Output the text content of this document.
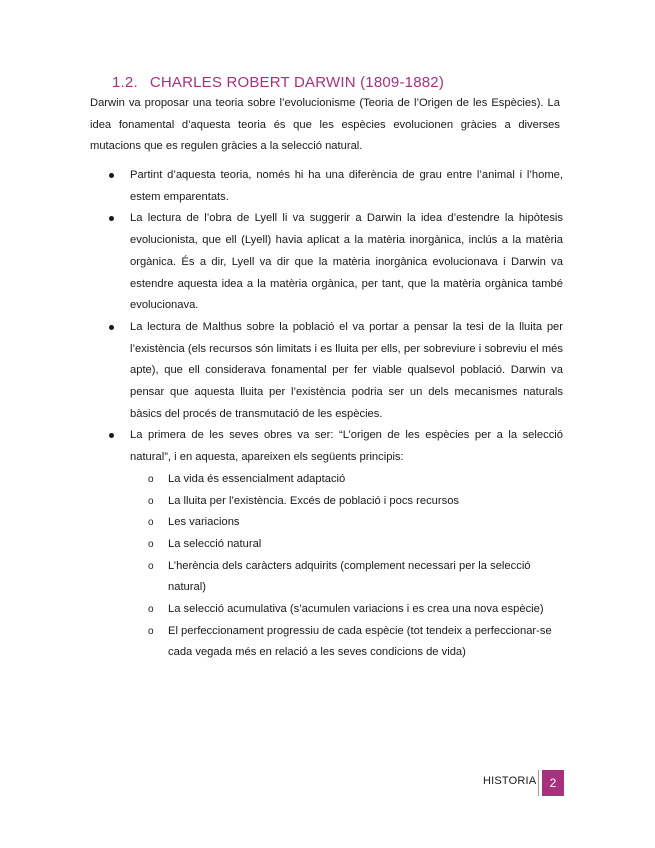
1.2. CHARLES ROBERT DARWIN (1809-1882)
Darwin va proposar una teoria sobre l’evolucionisme (Teoria de l’Origen de les Espècies). La idea fonamental d’aquesta teoria és que les espècies evolucionen gràcies a diverses mutacions que es regulen gràcies a la selecció natural.
Partint d’aquesta teoria, només hi ha una diferència de grau entre l’animal i l’home, estem emparentats.
La lectura de l’obra de Lyell li va suggerir a Darwin la idea d’estendre la hipòtesis evolucionista, que ell (Lyell) havia aplicat a la matèria inorgànica, inclús a la matèria orgànica. És a dir, Lyell va dir que la matèria inorgànica evolucionava i Darwin va estendre aquesta idea a la matèria orgànica, per tant, que la matèria orgànica també evolucionava.
La lectura de Malthus sobre la població el va portar a pensar la tesi de la lluita per l’existència (els recursos són limitats i es lluita per ells, per sobreviure i sobreviu el més apte), que ell considerava fonamental per fer viable qualsevol població. Darwin va pensar que aquesta lluita per l’existència podria ser un dels mecanismes naturals bàsics del procés de transmutació de les espècies.
La primera de les seves obres va ser: “L’origen de les espècies per a la selecció natural”, i en aquesta, apareixen els següents principis:
o La vida és essencialment adaptació
o La lluita per l’existència. Excés de població i pocs recursos
o Les variacions
o La selecció natural
o L’herència dels caràcters adquirits (complement necessari per la selecció natural)
o La selecció acumulativa (s’acumulen variacions i es crea una nova espècie)
o El perfeccionament progressiu de cada espècie (tot tendeix a perfeccionar-se cada vegada més en relació a les seves condicions de vida)
HISTORIA	2
